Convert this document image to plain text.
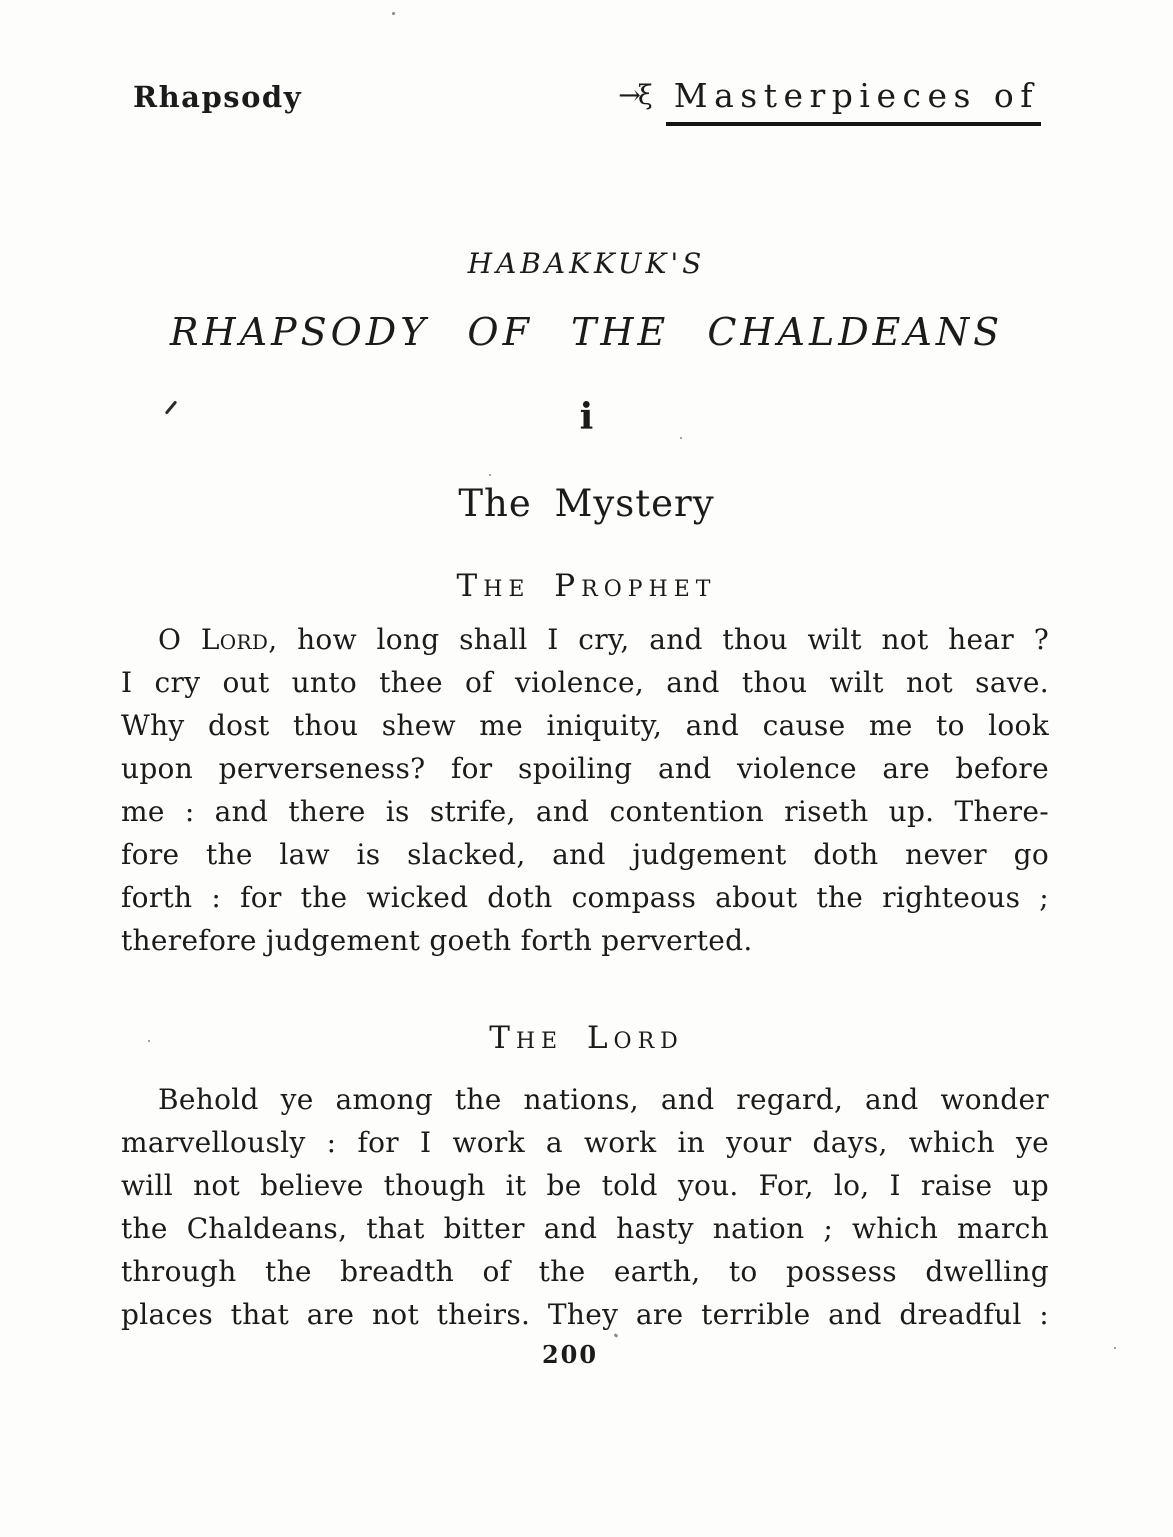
Rhapsody	→ξ Masterpieces of
HABAKKUK'S
RHAPSODY OF THE CHALDEANS
i
The Mystery
The Prophet
O Lord, how long shall I cry, and thou wilt not hear ?
I cry out unto thee of violence, and thou wilt not save.
Why dost thou shew me iniquity, and cause me to look
upon perverseness? for spoiling and violence are before
me : and there is strife, and contention riseth up. There-
fore the law is slacked, and judgement doth never go
forth : for the wicked doth compass about the righteous ;
therefore judgement goeth forth perverted.
The Lord
Behold ye among the nations, and regard, and wonder
marvellously : for I work a work in your days, which ye
will not believe though it be told you. For, lo, I raise up
the Chaldeans, that bitter and hasty nation ; which march
through the breadth of the earth, to possess dwelling
places that are not theirs. They are terrible and dreadful :
200
